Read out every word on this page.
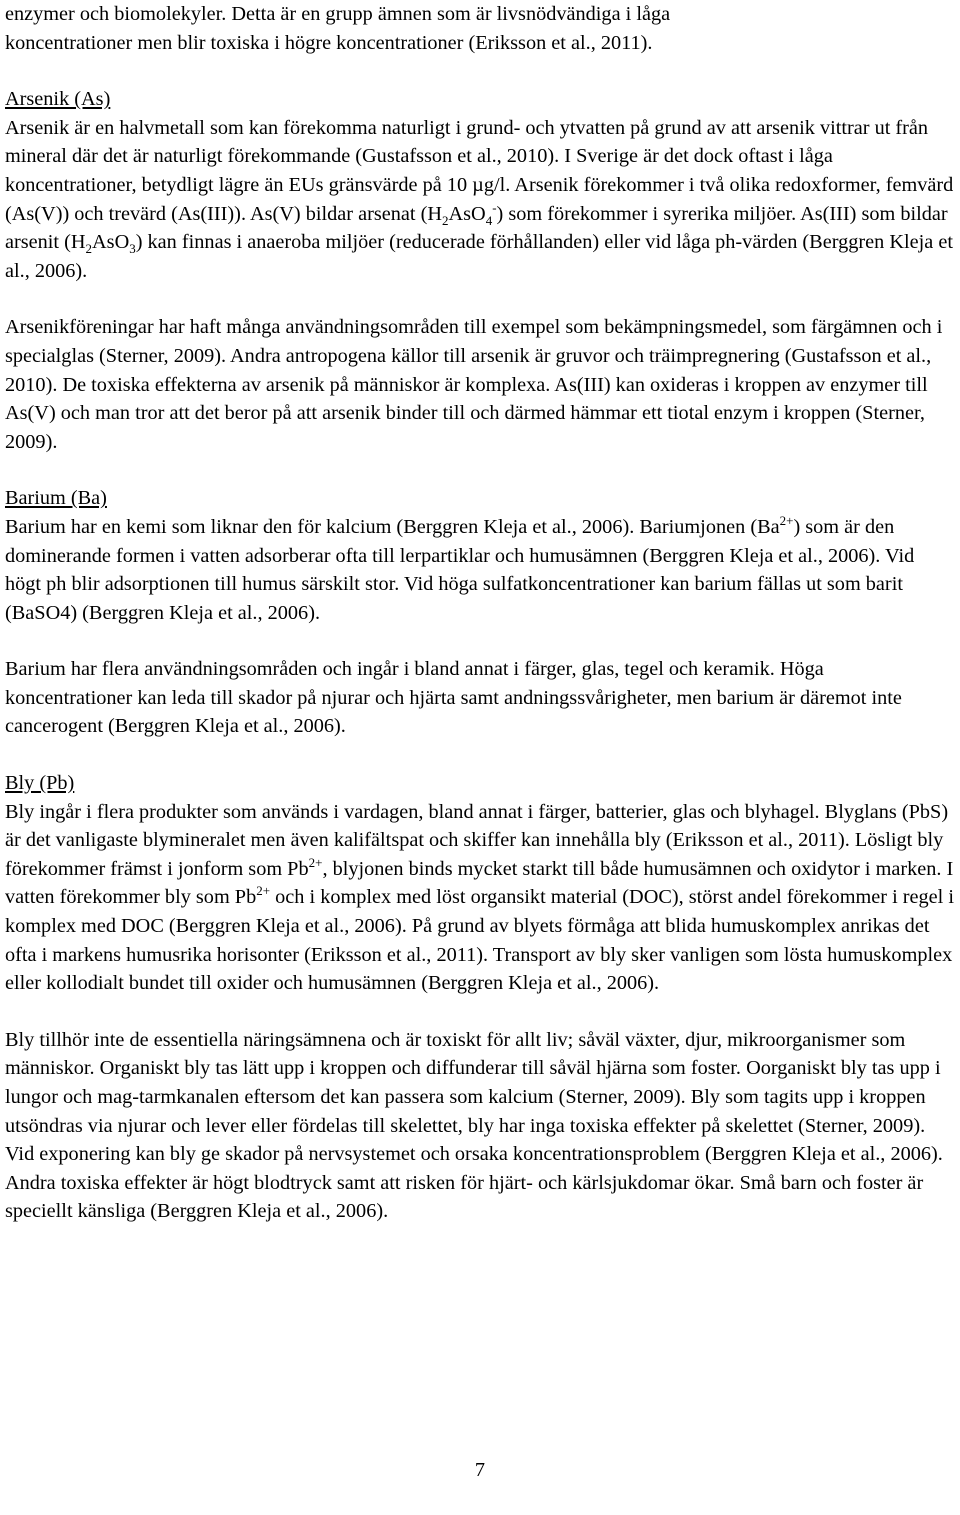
enzymer och biomolekyler. Detta är en grupp ämnen som är livsnödvändiga i låga
koncentrationer men blir toxiska i högre koncentrationer (Eriksson et al., 2011).

Arsenik (As)

Arsenik är en halvmetall som kan förekomma naturligt i grund- och ytvatten på grund av att arsenik vittrar ut från mineral där det är naturligt förekommande (Gustafsson et al., 2010). I Sverige är det dock oftast i låga koncentrationer, betydligt lägre än EUs gränsvärde på 10 µg/l. Arsenik förekommer i två olika redoxformer, femvärd (As(V)) och trevärd (As(III)). As(V) bildar arsenat $(H_2AsO_4^-)$ som förekommer i syrerika miljöer. As(III) som bildar arsenit $(H_2AsO_3)$ kan finnas i anaeroba miljöer (reducerade förhållanden) eller vid låga ph-värden (Berggren Kleja et al., 2006).

Arsenikföreningar har haft många användningsområden till exempel som bekämpningsmedel, som färgämnen och i specialglas (Sterner, 2009). Andra antropogena källor till arsenik är gruvor och träimpregnering (Gustafsson et al., 2010). De toxiska effekterna av arsenik på människor är komplexa. As(III) kan oxideras i kroppen av enzymer till As(V) och man tror att det beror på att arsenik binder till och därmed hämmar ett tiotal enzym i kroppen (Sterner, 2009).

Barium (Ba)

Barium har en kemi som liknar den för kalcium (Berggren Kleja et al., 2006). Bariumjonen $(Ba^{2+})$ som är den dominerande formen i vatten adsorberar ofta till lerpartiklar och humusämnen (Berggren Kleja et al., 2006). Vid högt ph blir adsorptionen till humus särskilt stor. Vid höga sulfatkoncentrationer kan barium fällas ut som barit (BaSO4) (Berggren Kleja et al., 2006).

Barium har flera användningsområden och ingår i bland annat i färger, glas, tegel och keramik. Höga koncentrationer kan leda till skador på njurar och hjärta samt andningssvårigheter, men barium är däremot inte cancerogent (Berggren Kleja et al., 2006).

Bly (Pb)

Bly ingår i flera produkter som används i vardagen, bland annat i färger, batterier, glas och blyhagel. Blyglans (PbS) är det vanligaste blymineralet men även kalifältspat och skiffer kan innehålla bly (Eriksson et al., 2011). Lösligt bly förekommer främst i jonform som $Pb^{2+}$, blyjonen binds mycket starkt till både humusämnen och oxidytor i marken. I vatten förekommer bly som $Pb^{2+}$ och i komplex med löst organsikt material (DOC), störst andel förekommer i regel i komplex med DOC (Berggren Kleja et al., 2006). På grund av blyets förmåga att blida humuskomplex anrikas det ofta i markens humusrika horisonter (Eriksson et al., 2011). Transport av bly sker vanligen som lösta humuskomplex eller kollodialt bundet till oxider och humusämnen (Berggren Kleja et al., 2006).

Bly tillhör inte de essentiella näringsämnena och är toxiskt för allt liv; såväl växter, djur, mikroorganismer som människor. Organiskt bly tas lätt upp i kroppen och diffunderar till såväl hjärna som foster. Oorganiskt bly tas upp i lungor och mag-tarmkanalen eftersom det kan passera som kalcium (Sterner, 2009). Bly som tagits upp i kroppen utsöndras via njurar och lever eller fördelas till skelettet, bly har inga toxiska effekter på skelettet (Sterner, 2009). Vid exponering kan bly ge skador på nervsystemet och orsaka koncentrationsproblem (Berggren Kleja et al., 2006). Andra toxiska effekter är högt blodtryck samt att risken för hjärt- och kärlsjukdomar ökar. Små barn och foster är speciellt känsliga (Berggren Kleja et al., 2006).

7
